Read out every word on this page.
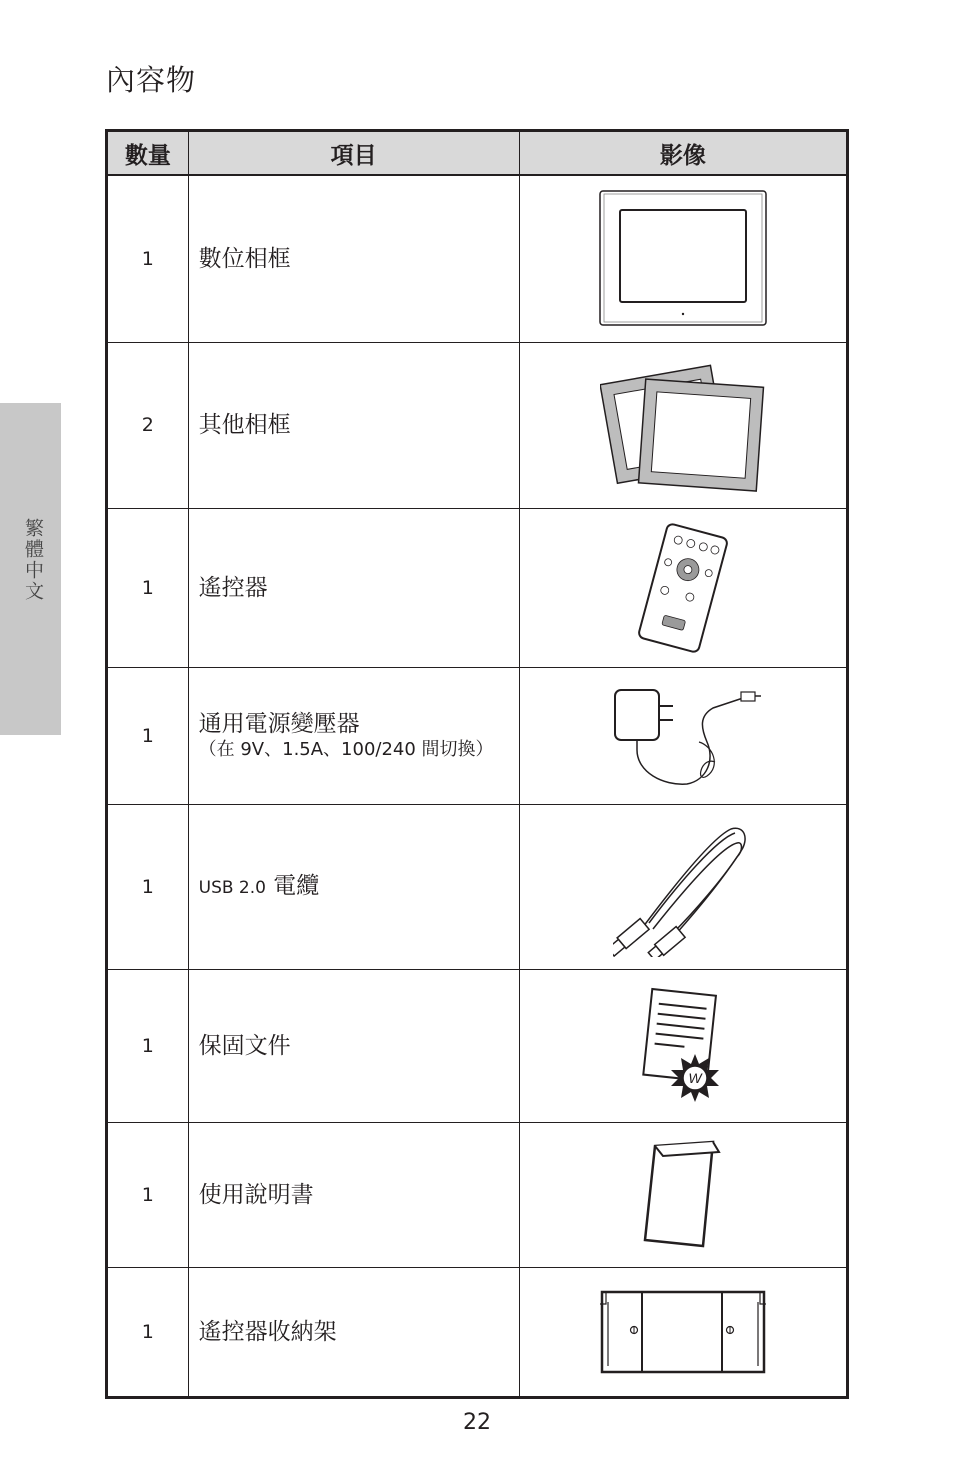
內容物
繁體中文
數量	項目	影像
1	數位相框

2	其他相框

1	遙控器

1	通用電源變壓器
（在 9V、1.5A、100/240 間切換）

1	USB 2.0 電纜

1	保固文件	W

1	使用說明書

1	遙控器收納架

22
